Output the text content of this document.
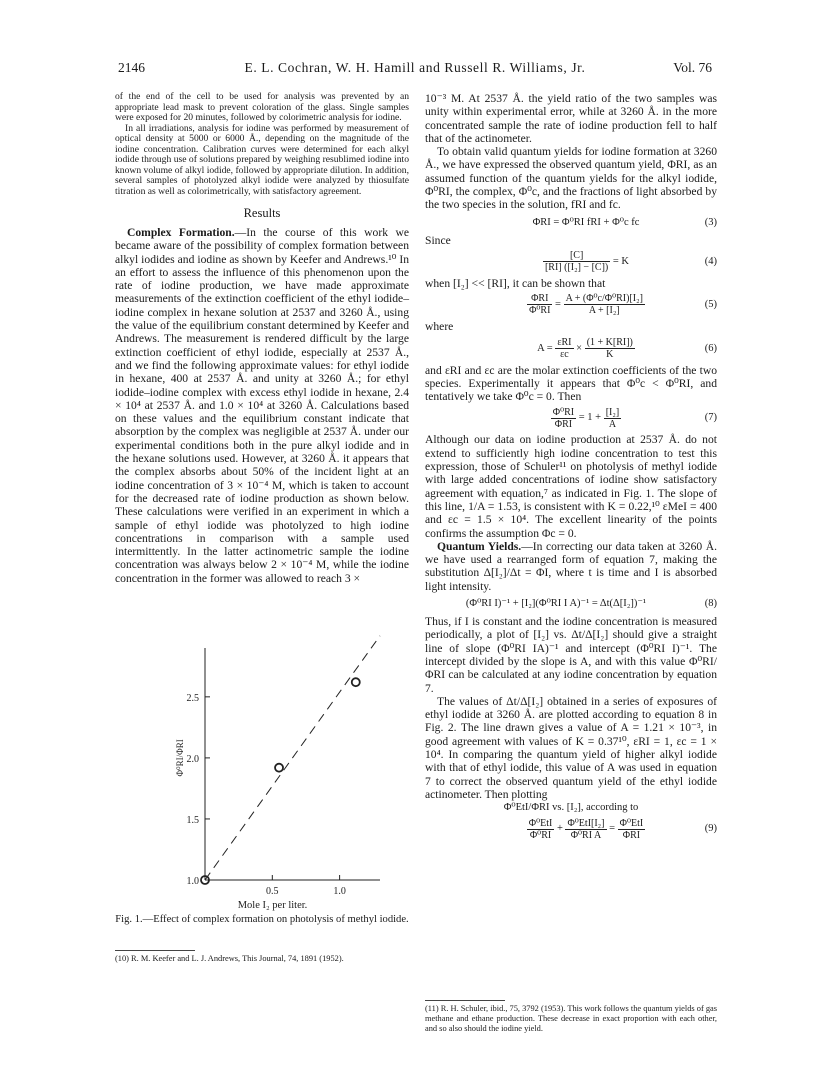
2146	E. L. Cochran, W. H. Hamill and Russell R. Williams, Jr.	Vol. 76

of the end of the cell to be used for analysis was prevented by an appropriate lead mask to prevent coloration of the glass. Single samples were exposed for 20 minutes, followed by colorimetric analysis for iodine.

In all irradiations, analysis for iodine was performed by measurement of optical density at 5000 or 6000 Å., depending on the magnitude of the iodine concentration. Calibration curves were determined for each alkyl iodide through use of solutions prepared by weighing resublimed iodine into known volume of alkyl iodide, followed by appropriate dilution. In addition, several samples of photolyzed alkyl iodide were analyzed by thiosulfate titration as well as colorimetrically, with satisfactory agreement.

Results

Complex Formation.—In the course of this work we became aware of the possibility of complex formation between alkyl iodides and iodine as shown by Keefer and Andrews.¹⁰ In an effort to assess the influence of this phenomenon upon the rate of iodine production, we have made approximate measurements of the extinction coefficient of the ethyl iodide–iodine complex in hexane solution at 2537 and 3260 Å., using the value of the equilibrium constant determined by Keefer and Andrews. The measurement is rendered difficult by the large extinction coefficient of ethyl iodide, especially at 2537 Å., and we find the following approximate values: for ethyl iodide in hexane, 400 at 2537 Å. and unity at 3260 Å.; for ethyl iodide–iodine complex with excess ethyl iodide in hexane, 2.4 × 10⁴ at 2537 Å. and 1.0 × 10⁴ at 3260 Å. Calculations based on these values and the equilibrium constant indicate that absorption by the complex was negligible at 2537 Å. under our experimental conditions both in the pure alkyl iodide and in the hexane solutions used. However, at 3260 Å. it appears that the complex absorbs about 50% of the incident light at an iodine concentration of 3 × 10⁻⁴ M, which is taken to account for the decreased rate of iodine production as shown below. These calculations were verified in an experiment in which a sample of ethyl iodide was photolyzed to high iodine concentrations in comparison with a sample used intermittently. In the latter actinometric sample the iodine concentration was always below 2 × 10⁻⁴ M, while the iodine concentration in the former was allowed to reach 3 ×

1.0
1.5
2.0
2.5
0.5	1.0
Φ⁰RI/ΦRI
Mole I₂ per liter.
Fig. 1.—Effect of complex formation on photolysis of methyl iodide.
(10) R. M. Keefer and L. J. Andrews, This Journal, 74, 1891 (1952).

10⁻³ M. At 2537 Å. the yield ratio of the two samples was unity within experimental error, while at 3260 Å. in the more concentrated sample the rate of iodine production fell to half that of the actinometer.

To obtain valid quantum yields for iodine formation at 3260 Å., we have expressed the observed quantum yield, ΦRI, as an assumed function of the quantum yields for the alkyl iodide, Φ⁰RI, the complex, Φ⁰c, and the fractions of light absorbed by the two species in the solution, fRI and fc.

ΦRI = Φ⁰RI fRI + Φ⁰c fc	(3)

Since

$\frac{[C]}{\text{[RI] ([I₂] − [C])}} = K$	(4)

when [I₂] << [RI], it can be shown that

$\frac{\text{ΦRI}}{\text{Φ⁰RI}} = \frac{\text{A + (Φ⁰c/Φ⁰RI)[I₂]}}{\text{A + [I₂]}}$	(5)

where

$A = \frac{\text{εRI}}{\varepsilon c} \times \frac{(1 + K[RI])}{K}$	(6)

and εRI and εc are the molar extinction coefficients of the two species. Experimentally it appears that Φ⁰c < Φ⁰RI, and tentatively we take Φ⁰c = 0. Then

$\frac{\text{Φ⁰RI}}{\text{ΦRI}} = 1 + \frac{\text{[I₂]}}{A}$	(7)

Although our data on iodine production at 2537 Å. do not extend to sufficiently high iodine concentration to test this expression, those of Schuler¹¹ on photolysis of methyl iodide with large added concentrations of iodine show satisfactory agreement with equation,⁷ as indicated in Fig. 1. The slope of this line, 1/A = 1.53, is consistent with K = 0.22,¹⁰ εMeI = 400 and εc = 1.5 × 10⁴. The excellent linearity of the points confirms the assumption Φc = 0.

Quantum Yields.—In correcting our data taken at 3260 Å. we have used a rearranged form of equation 7, making the substitution Δ[I₂]/Δt = ΦI, where t is time and I is absorbed light intensity.

(Φ⁰RI I)⁻¹ + [I₂](Φ⁰RI I A)⁻¹ = Δt(Δ[I₂])⁻¹	(8)

Thus, if I is constant and the iodine concentration is measured periodically, a plot of [I₂] vs. Δt/Δ[I₂] should give a straight line of slope (Φ⁰RI IA)⁻¹ and intercept (Φ⁰RI I)⁻¹. The intercept divided by the slope is A, and with this value Φ⁰RI/ΦRI can be calculated at any iodine concentration by equation 7.

The values of Δt/Δ[I₂] obtained in a series of exposures of ethyl iodide at 3260 Å. are plotted according to equation 8 in Fig. 2. The line drawn gives a value of A = 1.21 × 10⁻³, in good agreement with values of K = 0.37¹⁰, εRI = 1, εc = 1 × 10⁴. In comparing the quantum yield of higher alkyl iodide with that of ethyl iodide, this value of A was used in equation 7 to correct the observed quantum yield of the ethyl iodide actinometer. Then plotting

Φ⁰EtI/ΦRI vs. [I₂], according to

$\frac{\text{Φ⁰EtI}}{\text{Φ⁰RI}} + \frac{\text{Φ⁰EtI[I₂]}}{\text{Φ⁰RI A}} = \frac{\text{Φ⁰EtI}}{\text{ΦRI}}$	(9)
(11) R. H. Schuler, ibid., 75, 3792 (1953). This work follows the quantum yields of gas methane and ethane production. These decrease in exact proportion with each other, and so also should the iodine yield.
